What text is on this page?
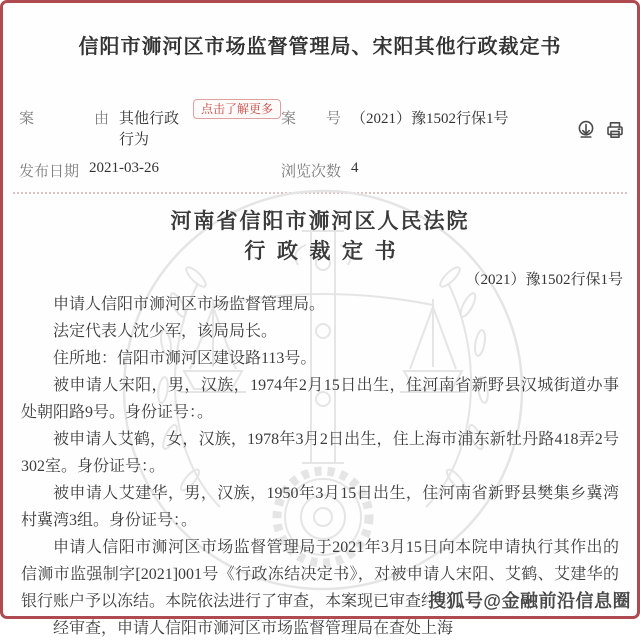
信阳市浉河区市场监督管理局、宋阳其他行政裁定书
案　　　　由 其他行政行为
点击了解更多
案　　号 （2021）豫1502行保1号
发布日期 2021-03-26	浏览次数 4
河南省信阳市浉河区人民法院
行政裁定书
（2021）豫1502行保1号

申请人信阳市浉河区市场监督管理局。

法定代表人沈少军，该局局长。

住所地：信阳市浉河区建设路113号。

被申请人宋阳，男，汉族，1974年2月15日出生，住河南省新野县汉城街道办事处朝阳路9号。身份证号：。

被申请人艾鹤，女，汉族，1978年3月2日出生，住上海市浦东新牡丹路418弄2号302室。身份证号：。

被申请人艾建华，男，汉族，1950年3月15日出生，住河南省新野县樊集乡冀湾村冀湾3组。身份证号：。

申请人信阳市浉河区市场监督管理局于2021年3月15日向本院申请执行其作出的信浉市监强制字[2021]001号《行政冻结决定书》，对被申请人宋阳、艾鹤、艾建华的银行账户予以冻结。本院依法进行了审查，本案现已审查终结。

经审查，申请人信阳市浉河区市场监督管理局在查处上海

搜狐号@金融前沿信息圈
